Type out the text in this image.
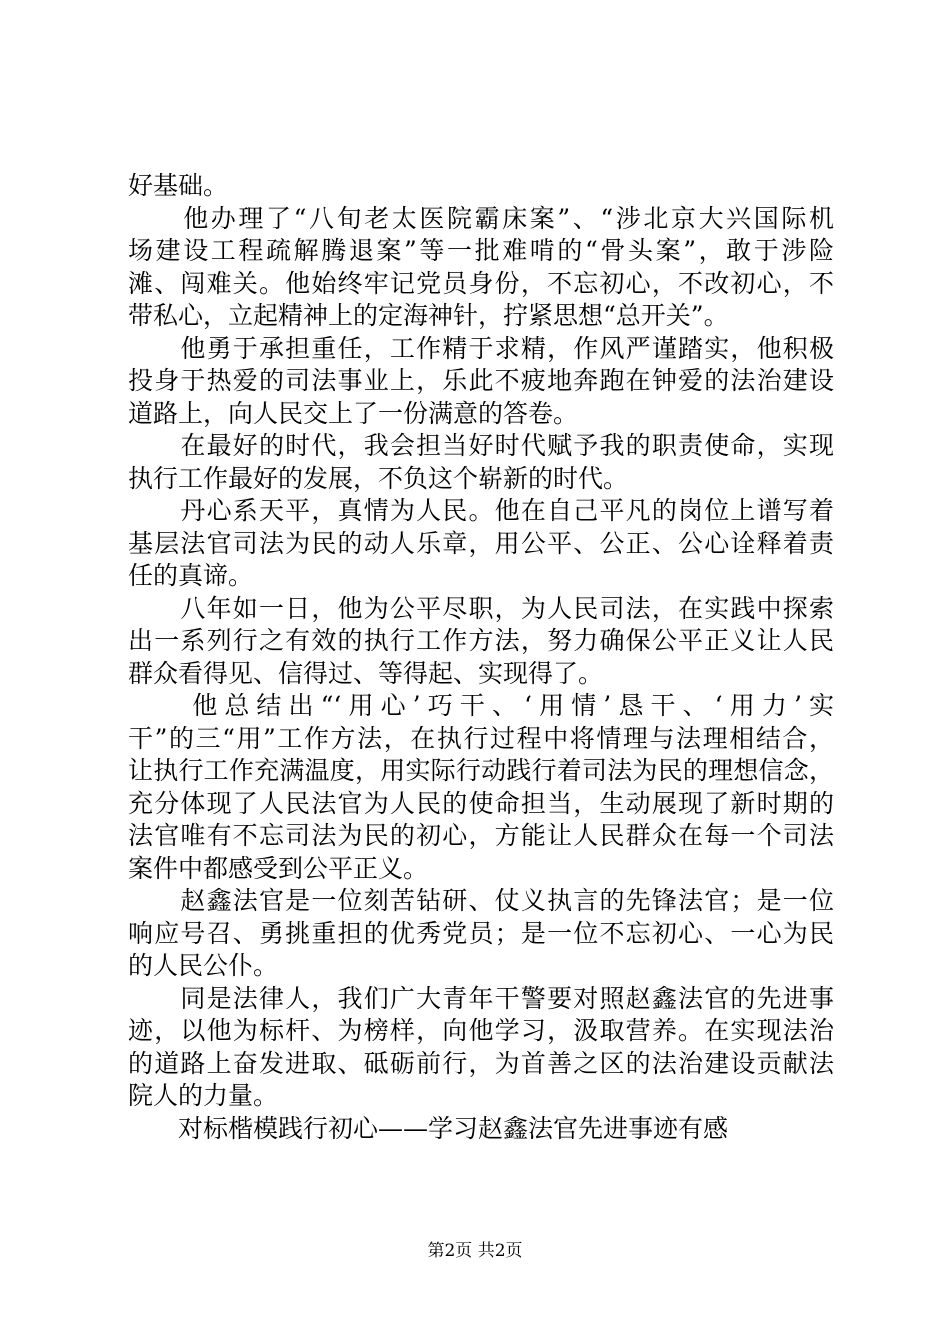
好基础。
　　他办理了“八旬老太医院霸床案”、“涉北京大兴国际机
场建设工程疏解腾退案”等一批难啃的“骨头案”，敢于涉险
滩、闯难关。他始终牢记党员身份，不忘初心，不改初心，不
带私心，立起精神上的定海神针，拧紧思想“总开关”。
　　他勇于承担重任，工作精于求精，作风严谨踏实，他积极
投身于热爱的司法事业上，乐此不疲地奔跑在钟爱的法治建设
道路上，向人民交上了一份满意的答卷。
　　在最好的时代，我会担当好时代赋予我的职责使命，实现
执行工作最好的发展，不负这个崭新的时代。
　　丹心系天平，真情为人民。他在自己平凡的岗位上谱写着
基层法官司法为民的动人乐章，用公平、公正、公心诠释着责
任的真谛。
　　八年如一日，他为公平尽职，为人民司法，在实践中探索
出一系列行之有效的执行工作方法，努力确保公平正义让人民
群众看得见、信得过、等得起、实现得了。
　　他总结出“‘用心’巧干、‘用情’恳干、‘用力’实
干”的三“用”工作方法，在执行过程中将情理与法理相结合，
让执行工作充满温度，用实际行动践行着司法为民的理想信念，
充分体现了人民法官为人民的使命担当，生动展现了新时期的
法官唯有不忘司法为民的初心，方能让人民群众在每一个司法
案件中都感受到公平正义。
　　赵鑫法官是一位刻苦钻研、仗义执言的先锋法官；是一位
响应号召、勇挑重担的优秀党员；是一位不忘初心、一心为民
的人民公仆。
　　同是法律人，我们广大青年干警要对照赵鑫法官的先进事
迹，以他为标杆、为榜样，向他学习，汲取营养。在实现法治
的道路上奋发进取、砥砺前行，为首善之区的法治建设贡献法
院人的力量。
　　对标楷模践行初心——学习赵鑫法官先进事迹有感
第2页 共2页
